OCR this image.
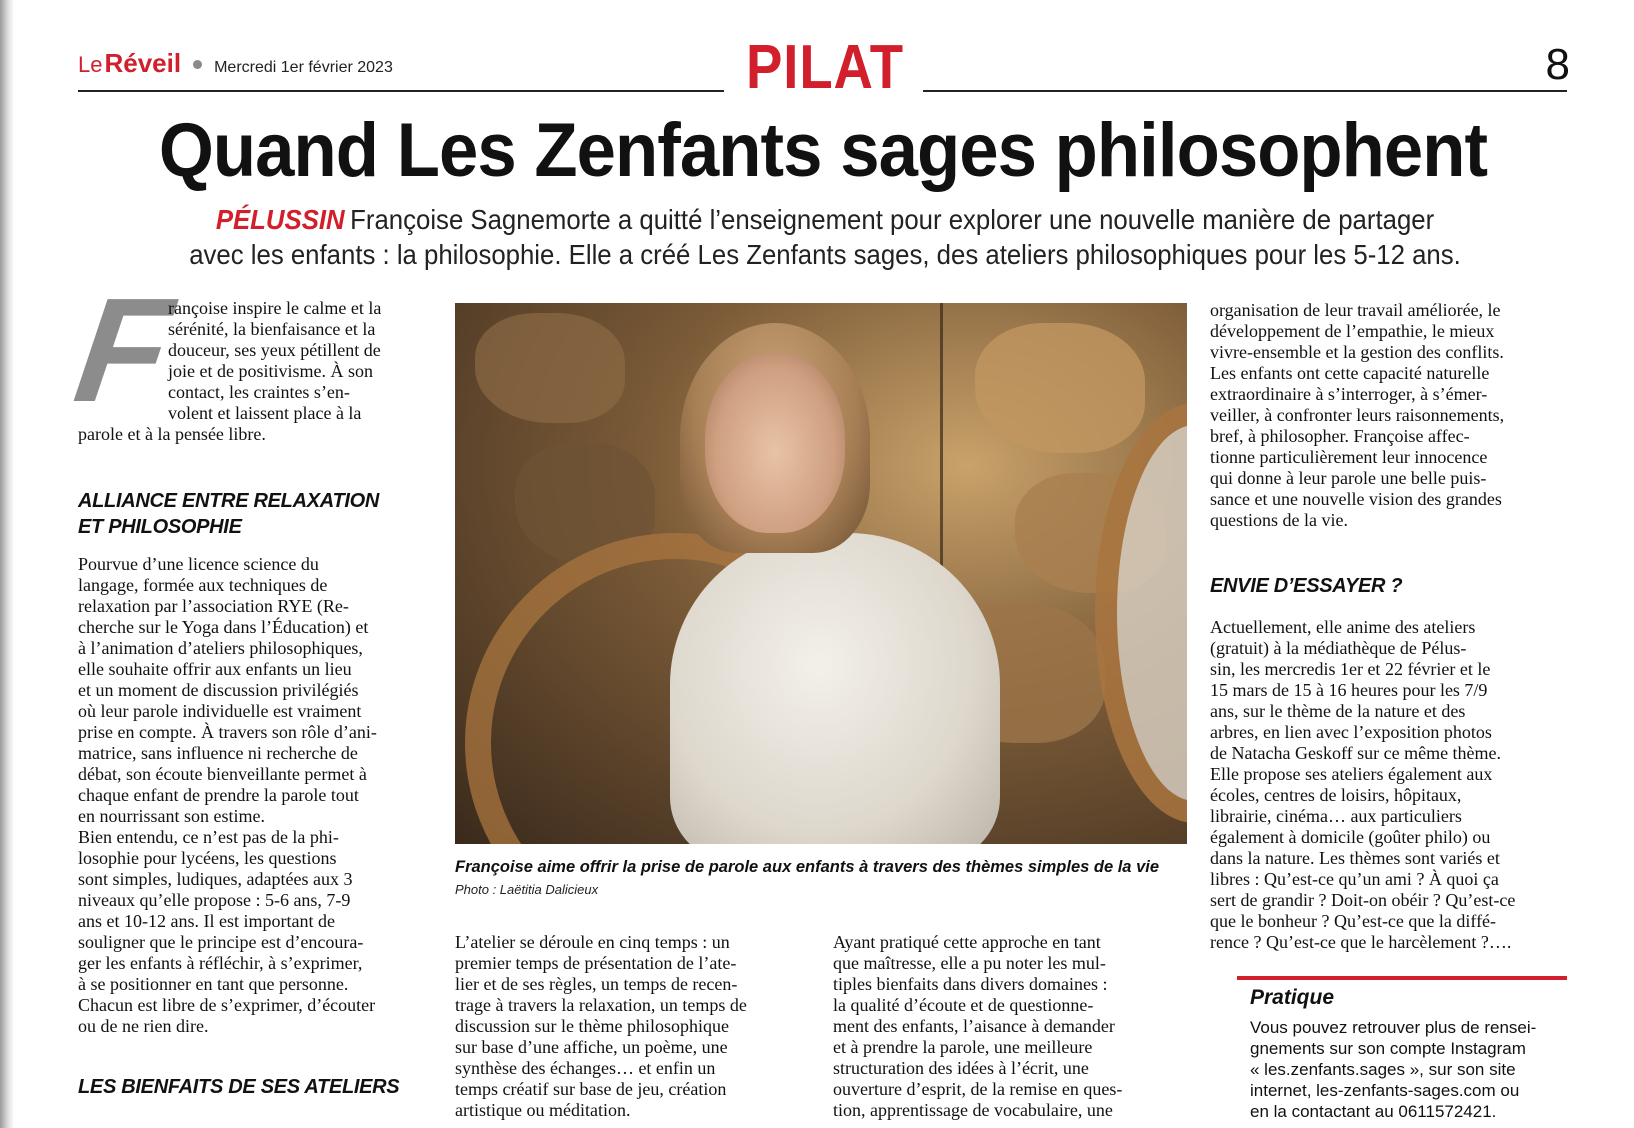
Le Réveil Mercredi 1er février 2023	PILAT	8
Quand Les Zenfants sages philosophent
PÉLUSSIN Françoise Sagnemorte a quitté l’enseignement pour explorer une nouvelle manière de partager
avec les enfants : la philosophie. Elle a créé Les Zenfants sages, des ateliers philosophiques pour les 5-12 ans.
F
rançoise inspire le calme et la
sérénité, la bienfaisance et la
douceur, ses yeux pétillent de
joie et de positivisme. À son
contact, les craintes s’en-
volent et laissent place à la
parole et à la pensée libre.
ALLIANCE ENTRE RELAXATION
ET PHILOSOPHIE

Pourvue d’une licence science du
langage, formée aux techniques de
relaxation par l’association RYE (Re-
cherche sur le Yoga dans l’Éducation) et
à l’animation d’ateliers philosophiques,
elle souhaite offrir aux enfants un lieu
et un moment de discussion privilégiés
où leur parole individuelle est vraiment
prise en compte. À travers son rôle d’ani-
matrice, sans influence ni recherche de
débat, son écoute bienveillante permet à
chaque enfant de prendre la parole tout
en nourrissant son estime.
Bien entendu, ce n’est pas de la phi-
losophie pour lycéens, les questions
sont simples, ludiques, adaptées aux 3
niveaux qu’elle propose : 5-6 ans, 7-9
ans et 10-12 ans. Il est important de
souligner que le principe est d’encoura-
ger les enfants à réfléchir, à s’exprimer,
à se positionner en tant que personne.
Chacun est libre de s’exprimer, d’écouter
ou de ne rien dire.

LES BIENFAITS DE SES ATELIERS
Françoise aime offrir la prise de parole aux enfants à travers des thèmes simples de la vie Photo : Laëtitia Dalicieux

L’atelier se déroule en cinq temps : un
premier temps de présentation de l’ate-
lier et de ses règles, un temps de recen-
trage à travers la relaxation, un temps de
discussion sur le thème philosophique
sur base d’une affiche, un poème, une
synthèse des échanges… et enfin un
temps créatif sur base de jeu, création
artistique ou méditation.

Ayant pratiqué cette approche en tant
que maîtresse, elle a pu noter les mul-
tiples bienfaits dans divers domaines :
la qualité d’écoute et de questionne-
ment des enfants, l’aisance à demander
et à prendre la parole, une meilleure
structuration des idées à l’écrit, une
ouverture d’esprit, de la remise en ques-
tion, apprentissage de vocabulaire, une

organisation de leur travail améliorée, le
développement de l’empathie, le mieux
vivre-ensemble et la gestion des conflits.
Les enfants ont cette capacité naturelle
extraordinaire à s’interroger, à s’émer-
veiller, à confronter leurs raisonnements,
bref, à philosopher. Françoise affec-
tionne particulièrement leur innocence
qui donne à leur parole une belle puis-
sance et une nouvelle vision des grandes
questions de la vie.

ENVIE D’ESSAYER ?

Actuellement, elle anime des ateliers
(gratuit) à la médiathèque de Pélus-
sin, les mercredis 1er et 22 février et le
15 mars de 15 à 16 heures pour les 7/9
ans, sur le thème de la nature et des
arbres, en lien avec l’exposition photos
de Natacha Geskoff sur ce même thème.
Elle propose ses ateliers également aux
écoles, centres de loisirs, hôpitaux,
librairie, cinéma… aux particuliers
également à domicile (goûter philo) ou
dans la nature. Les thèmes sont variés et
libres : Qu’est-ce qu’un ami ? À quoi ça
sert de grandir ? Doit-on obéir ? Qu’est-ce
que le bonheur ? Qu’est-ce que la diffé-
rence ? Qu’est-ce que le harcèlement ?….

Pratique

Vous pouvez retrouver plus de rensei-
gnements sur son compte Instagram
« les.zenfants.sages », sur son site
internet, les-zenfants-sages.com ou
en la contactant au 0611572421.
